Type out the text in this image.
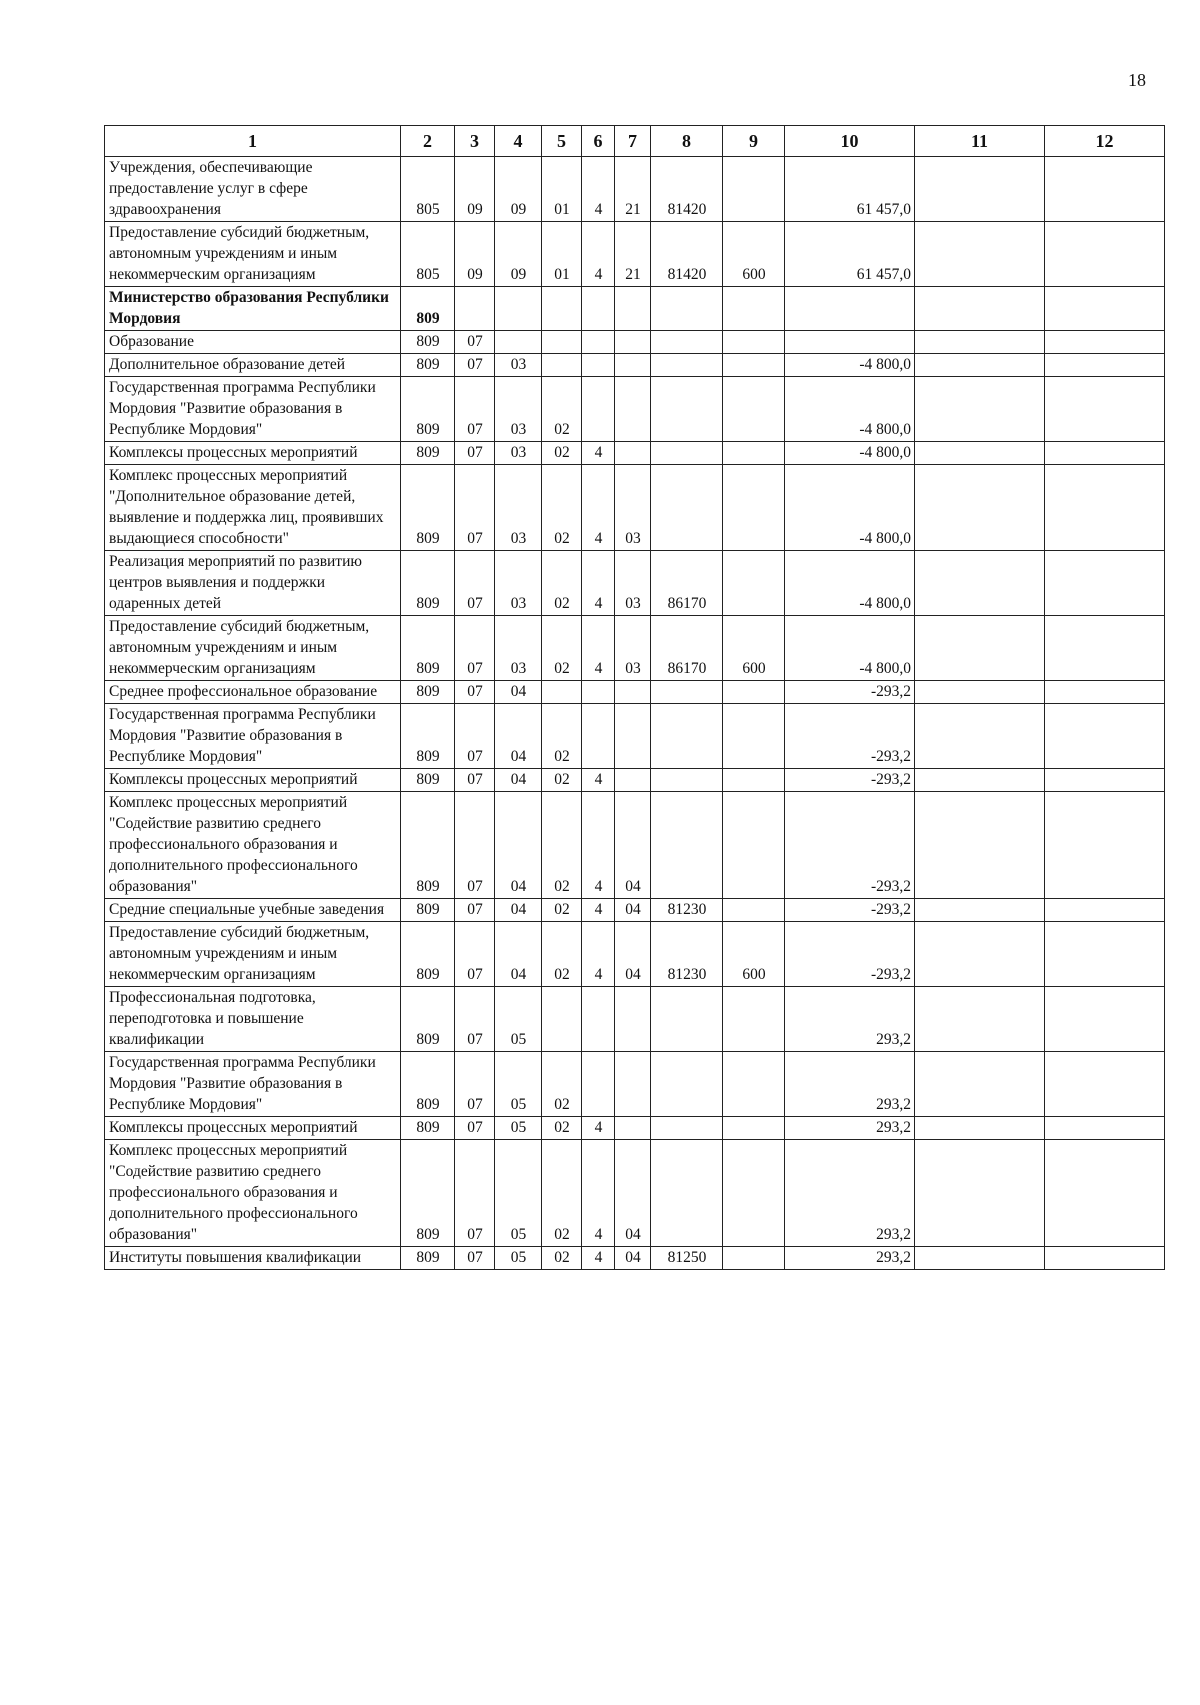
18
1	2	3	4	5	6	7	8	9	10	11	12
Учреждения, обеспечивающие предоставление услуг в сфере здравоохранения	805	09	09	01	4	21	81420		61 457,0		
Предоставление субсидий бюджетным, автономным учреждениям и иным некоммерческим организациям	805	09	09	01	4	21	81420	600	61 457,0		
Министерство образования Республики Мордовия	809										
Образование	809	07									
Дополнительное образование детей	809	07	03						-4 800,0		
Государственная программа Республики Мордовия "Развитие образования в Республике Мордовия"	809	07	03	02					-4 800,0		
Комплексы процессных мероприятий	809	07	03	02	4				-4 800,0		
Комплекс процессных мероприятий "Дополнительное образование детей, выявление и поддержка лиц, проявивших выдающиеся способности"	809	07	03	02	4	03			-4 800,0		
Реализация мероприятий по развитию центров выявления и поддержки одаренных детей	809	07	03	02	4	03	86170		-4 800,0		
Предоставление субсидий бюджетным, автономным учреждениям и иным некоммерческим организациям	809	07	03	02	4	03	86170	600	-4 800,0		
Среднее профессиональное образование	809	07	04						-293,2		
Государственная программа Республики Мордовия "Развитие образования в Республике Мордовия"	809	07	04	02					-293,2		
Комплексы процессных мероприятий	809	07	04	02	4				-293,2		
Комплекс процессных мероприятий "Содействие развитию среднего профессионального образования и дополнительного профессионального образования"	809	07	04	02	4	04			-293,2		
Средние специальные учебные заведения	809	07	04	02	4	04	81230		-293,2		
Предоставление субсидий бюджетным, автономным учреждениям и иным некоммерческим организациям	809	07	04	02	4	04	81230	600	-293,2		
Профессиональная подготовка, переподготовка и повышение квалификации	809	07	05						293,2		
Государственная программа Республики Мордовия "Развитие образования в Республике Мордовия"	809	07	05	02					293,2		
Комплексы процессных мероприятий	809	07	05	02	4				293,2		
Комплекс процессных мероприятий "Содействие развитию среднего профессионального образования и дополнительного профессионального образования"	809	07	05	02	4	04			293,2		
Институты повышения квалификации	809	07	05	02	4	04	81250		293,2		
